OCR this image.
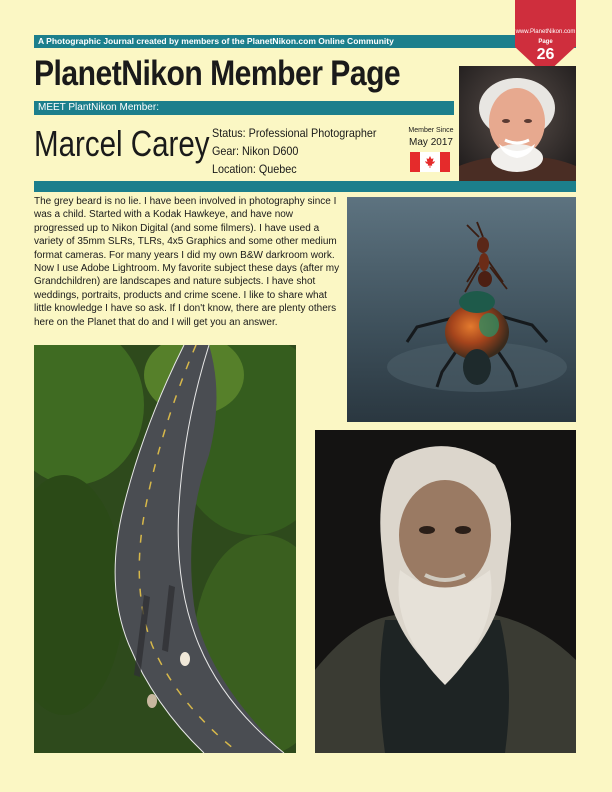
A Photographic Journal created by members of the PlanetNikon.com Online Community
www.PlanetNikon.com
Page
26
PlanetNikon Member Page
MEET PlantNikon Member:
Marcel Carey Status: Professional Photographer
Gear: Nikon D600
Location: Quebec
Member Since
May 2017
The grey beard is no lie. I have been involved in photography since I was a child. Started with a Kodak Hawkeye, and have now progressed up to Nikon Digital (and some filmers). I have used a variety of 35mm SLRs, TLRs, 4x5 Graphics and some other medium format cameras. For many years I did my own B&W darkroom work. Now I use Adobe Lightroom. My favorite subject these days (after my Grandchildren) are landscapes and nature subjects. I have shot weddings, portraits, products and crime scene. I like to share what little knowledge I have so ask. If I don't know, there are plenty others here on the Planet that do and I will get you an answer.
